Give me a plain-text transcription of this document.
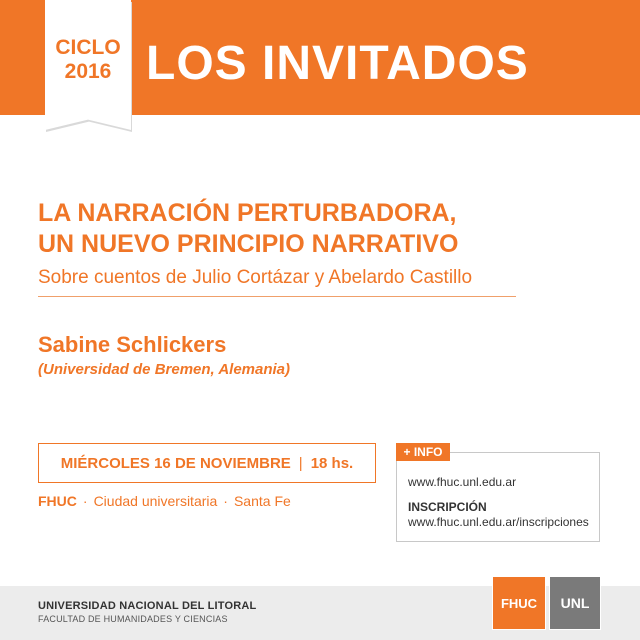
CICLO
2016 LOS INVITADOS
LA NARRACIÓN PERTURBADORA,
UN NUEVO PRINCIPIO NARRATIVO
Sobre cuentos de Julio Cortázar y Abelardo Castillo
Sabine Schlickers
(Universidad de Bremen, Alemania)
MIÉRCOLES 16 DE NOVIEMBRE | 18 hs.
FHUC · Ciudad universitaria · Santa Fe
+ INFO
www.fhuc.unl.edu.ar
INSCRIPCIÓN
www.fhuc.unl.edu.ar/inscripciones
UNIVERSIDAD NACIONAL DEL LITORAL
FACULTAD DE HUMANIDADES Y CIENCIAS
FHUC	UNL
